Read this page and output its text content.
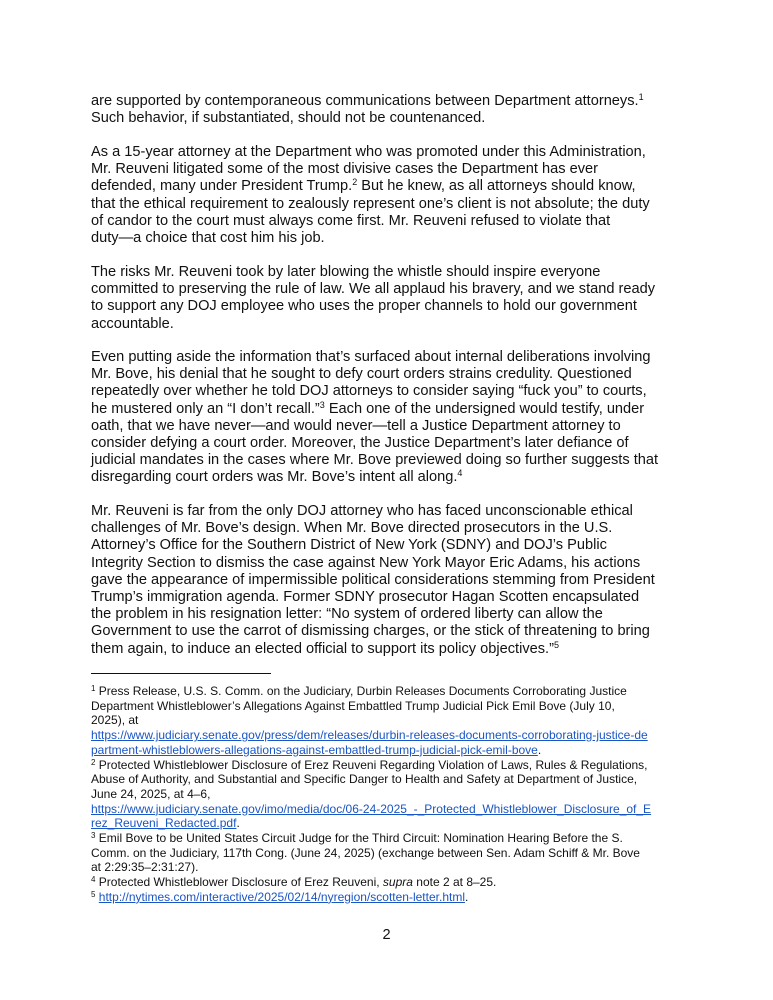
are supported by contemporaneous communications between Department attorneys.$^1$
Such behavior, if substantiated, should not be countenanced.

As a 15-year attorney at the Department who was promoted under this Administration,
Mr. Reuveni litigated some of the most divisive cases the Department has ever
defended, many under President Trump.$^2$ But he knew, as all attorneys should know,
that the ethical requirement to zealously represent one’s client is not absolute; the duty
of candor to the court must always come first. Mr. Reuveni refused to violate that
duty—a choice that cost him his job.

The risks Mr. Reuveni took by later blowing the whistle should inspire everyone
committed to preserving the rule of law. We all applaud his bravery, and we stand ready
to support any DOJ employee who uses the proper channels to hold our government
accountable.

Even putting aside the information that’s surfaced about internal deliberations involving
Mr. Bove, his denial that he sought to defy court orders strains credulity. Questioned
repeatedly over whether he told DOJ attorneys to consider saying “fuck you” to courts,
he mustered only an “I don’t recall.”$^3$ Each one of the undersigned would testify, under
oath, that we have never—and would never—tell a Justice Department attorney to
consider defying a court order. Moreover, the Justice Department’s later defiance of
judicial mandates in the cases where Mr. Bove previewed doing so further suggests that
disregarding court orders was Mr. Bove’s intent all along.$^4$

Mr. Reuveni is far from the only DOJ attorney who has faced unconscionable ethical
challenges of Mr. Bove’s design. When Mr. Bove directed prosecutors in the U.S.
Attorney’s Office for the Southern District of New York (SDNY) and DOJ’s Public
Integrity Section to dismiss the case against New York Mayor Eric Adams, his actions
gave the appearance of impermissible political considerations stemming from President
Trump’s immigration agenda. Former SDNY prosecutor Hagan Scotten encapsulated
the problem in his resignation letter: “No system of ordered liberty can allow the
Government to use the carrot of dismissing charges, or the stick of threatening to bring
them again, to induce an elected official to support its policy objectives.”$^5$

$^1$ Press Release, U.S. S. Comm. on the Judiciary, Durbin Releases Documents Corroborating Justice
Department Whistleblower’s Allegations Against Embattled Trump Judicial Pick Emil Bove (July 10,
2025), at
https://www.judiciary.senate.gov/press/dem/releases/durbin-releases-documents-corroborating-justice-de
partment-whistleblowers-allegations-against-embattled-trump-judicial-pick-emil-bove.
$^2$ Protected Whistleblower Disclosure of Erez Reuveni Regarding Violation of Laws, Rules & Regulations,
Abuse of Authority, and Substantial and Specific Danger to Health and Safety at Department of Justice,
June 24, 2025, at 4–6,
https://www.judiciary.senate.gov/imo/media/doc/06-24-2025_-_Protected_Whistleblower_Disclosure_of_E
rez_Reuveni_Redacted.pdf.
$^3$ Emil Bove to be United States Circuit Judge for the Third Circuit: Nomination Hearing Before the S.
Comm. on the Judiciary, 117th Cong. (June 24, 2025) (exchange between Sen. Adam Schiff & Mr. Bove
at 2:29:35–2:31:27).
$^4$ Protected Whistleblower Disclosure of Erez Reuveni, supra note 2 at 8–25.
$^5$ http://nytimes.com/interactive/2025/02/14/nyregion/scotten-letter.html.
2
